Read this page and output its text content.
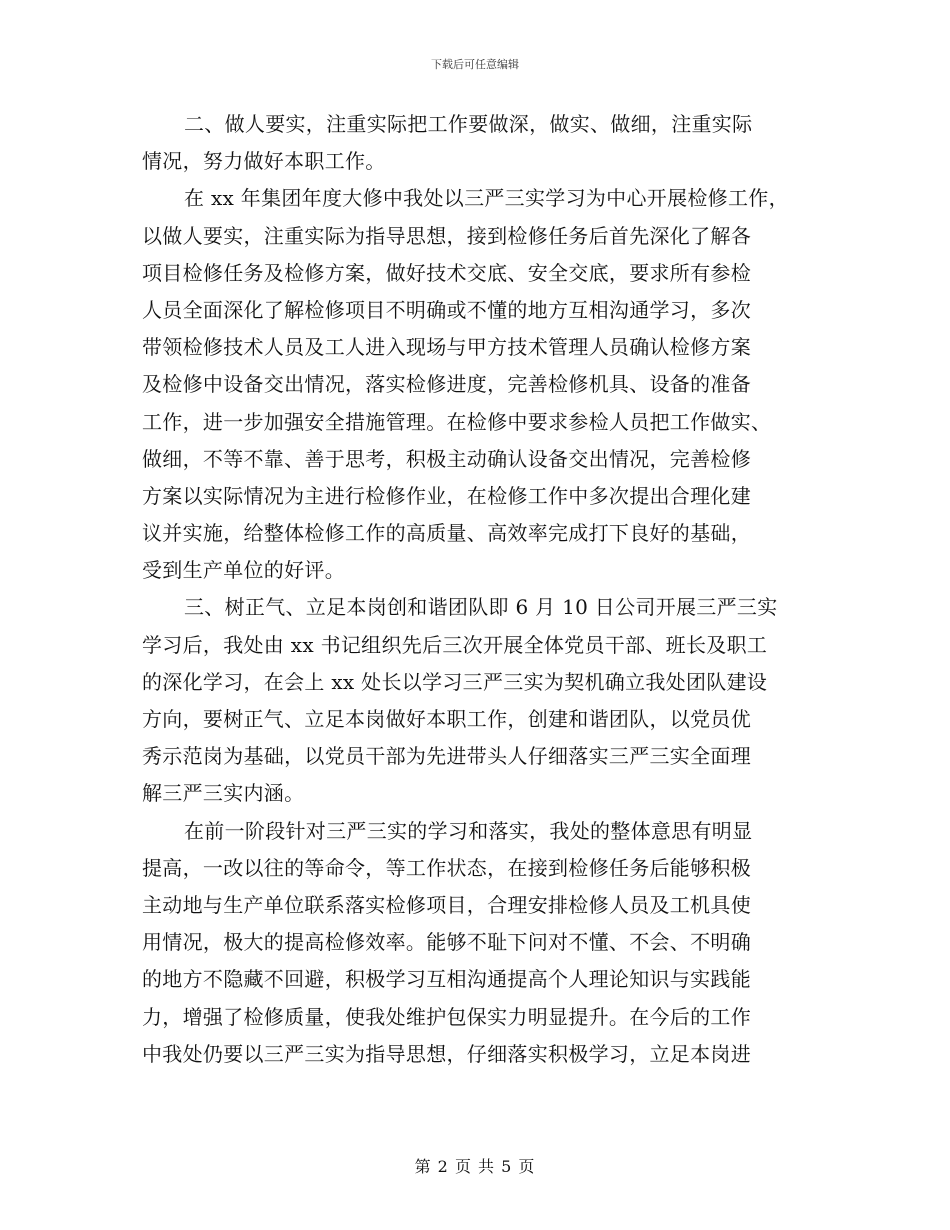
下载后可任意编辑
二、做人要实，注重实际把工作要做深，做实、做细，注重实际
情况，努力做好本职工作。
在 xx 年集团年度大修中我处以三严三实学习为中心开展检修工作，
以做人要实，注重实际为指导思想，接到检修任务后首先深化了解各
项目检修任务及检修方案，做好技术交底、安全交底，要求所有参检
人员全面深化了解检修项目不明确或不懂的地方互相沟通学习，多次
带领检修技术人员及工人进入现场与甲方技术管理人员确认检修方案
及检修中设备交出情况，落实检修进度，完善检修机具、设备的准备
工作，进一步加强安全措施管理。在检修中要求参检人员把工作做实、
做细，不等不靠、善于思考，积极主动确认设备交出情况，完善检修
方案以实际情况为主进行检修作业，在检修工作中多次提出合理化建
议并实施，给整体检修工作的高质量、高效率完成打下良好的基础，
受到生产单位的好评。
三、树正气、立足本岗创和谐团队即 6 月 10 日公司开展三严三实
学习后，我处由 xx 书记组织先后三次开展全体党员干部、班长及职工
的深化学习，在会上 xx 处长以学习三严三实为契机确立我处团队建设
方向，要树正气、立足本岗做好本职工作，创建和谐团队，以党员优
秀示范岗为基础，以党员干部为先进带头人仔细落实三严三实全面理
解三严三实内涵。
在前一阶段针对三严三实的学习和落实，我处的整体意思有明显
提高，一改以往的等命令，等工作状态，在接到检修任务后能够积极
主动地与生产单位联系落实检修项目，合理安排检修人员及工机具使
用情况，极大的提高检修效率。能够不耻下问对不懂、不会、不明确
的地方不隐藏不回避，积极学习互相沟通提高个人理论知识与实践能
力，增强了检修质量，使我处维护包保实力明显提升。在今后的工作
中我处仍要以三严三实为指导思想，仔细落实积极学习，立足本岗进
第 2 页 共 5 页
